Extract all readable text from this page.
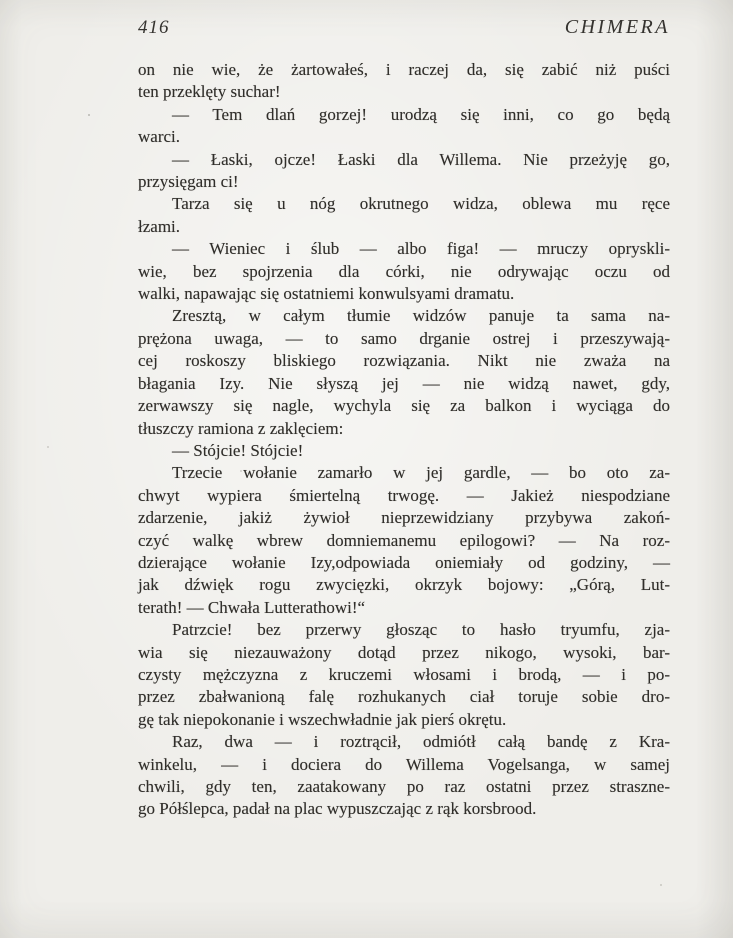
416	CHIMERA
on nie wie, że żartowałeś, i raczej da, się zabić niż puści
ten przeklęty suchar!
— Tem dlań gorzej! urodzą się inni, co go będą
warci.
— Łaski, ojcze! Łaski dla Willema. Nie przeżyję go,
przysięgam ci!
Tarza się u nóg okrutnego widza, oblewa mu ręce
łzami.
— Wieniec i ślub — albo figa! — mruczy opryskli-
wie, bez spojrzenia dla córki, nie odrywając oczu od
walki, napawając się ostatniemi konwulsyami dramatu.
Zresztą, w całym tłumie widzów panuje ta sama na-
prężona uwaga, — to samo drganie ostrej i przeszywają-
cej roskoszy bliskiego rozwiązania. Nikt nie zważa na
błagania Izy. Nie słyszą jej — nie widzą nawet, gdy,
zerwawszy się nagle, wychyla się za balkon i wyciąga do
tłuszczy ramiona z zaklęciem:
— Stójcie! Stójcie!
Trzecie wołanie zamarło w jej gardle, — bo oto za-
chwyt wypiera śmiertelną trwogę. — Jakież niespodziane
zdarzenie, jakiż żywioł nieprzewidziany przybywa zakoń-
czyć walkę wbrew domniemanemu epilogowi? — Na roz-
dzierające wołanie Izy,odpowiada oniemiały od godziny, —
jak dźwięk rogu zwycięzki, okrzyk bojowy: „Górą, Lut-
terath! — Chwała Lutterathowi!“
Patrzcie! bez przerwy głosząc to hasło tryumfu, zja-
wia się niezauważony dotąd przez nikogo, wysoki, bar-
czysty mężczyzna z kruczemi włosami i brodą, — i po-
przez zbałwanioną falę rozhukanych ciał toruje sobie dro-
gę tak niepokonanie i wszechwładnie jak pierś okrętu.
Raz, dwa — i roztrącił, odmiótł całą bandę z Kra-
winkelu, — i dociera do Willema Vogelsanga, w samej
chwili, gdy ten, zaatakowany po raz ostatni przez straszne-
go Półślepca, padał na plac wypuszczając z rąk korsbrood.
